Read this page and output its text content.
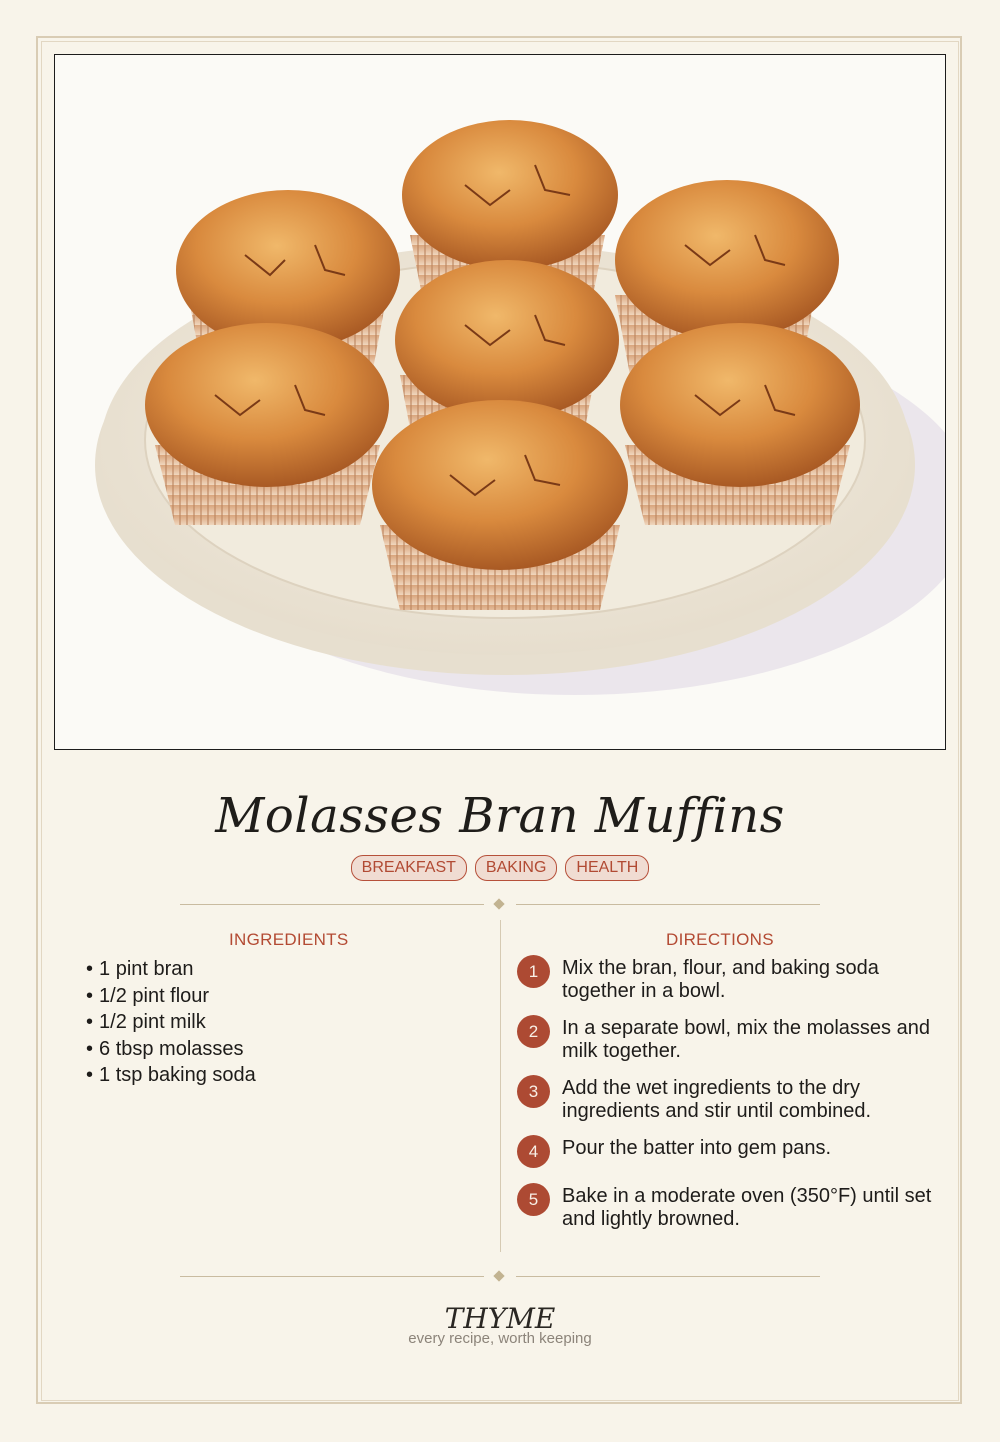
Molasses Bran Muffins
BREAKFAST	BAKING	HEALTH
INGREDIENTS
• 1 pint bran
• 1/2 pint flour
• 1/2 pint milk
• 6 tbsp molasses
• 1 tsp baking soda
DIRECTIONS
1	Mix the bran, flour, and baking soda together in a bowl.
2	In a separate bowl, mix the molasses and milk together.
3	Add the wet ingredients to the dry ingredients and stir until combined.
4	Pour the batter into gem pans.
5	Bake in a moderate oven (350°F) until set and lightly browned.
THYME
every recipe, worth keeping
